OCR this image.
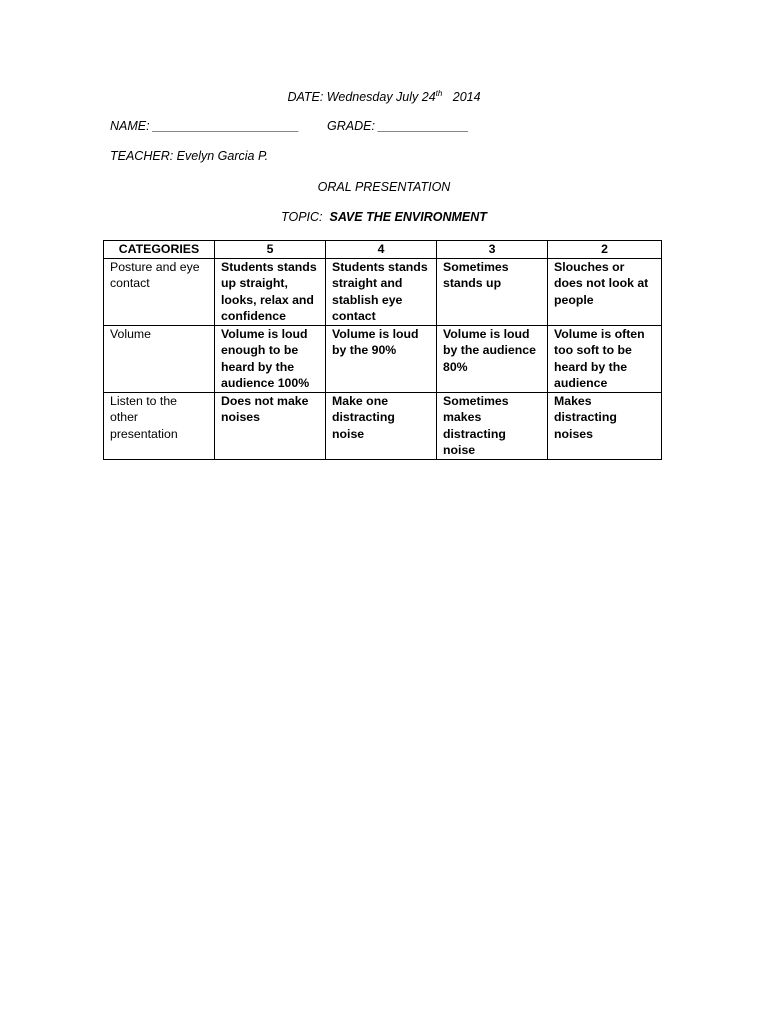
DATE: Wednesday July 24th 2014
NAME: _____________________ GRADE: _____________
TEACHER: Evelyn Garcia P.
ORAL PRESENTATION
TOPIC: SAVE THE ENVIRONMENT
CATEGORIES	5	4	3	2
Posture and eye contact	Students stands up straight, looks, relax and confidence	Students stands straight and stablish eye contact	Sometimes stands up	Slouches or does not look at people
Volume	Volume is loud enough to be heard by the audience 100%	Volume is loud by the 90%	Volume is loud by the audience 80%	Volume is often too soft to be heard by the audience
Listen to the other presentation	Does not make noises	Make one distracting noise	Sometimes makes distracting noise	Makes distracting noises
